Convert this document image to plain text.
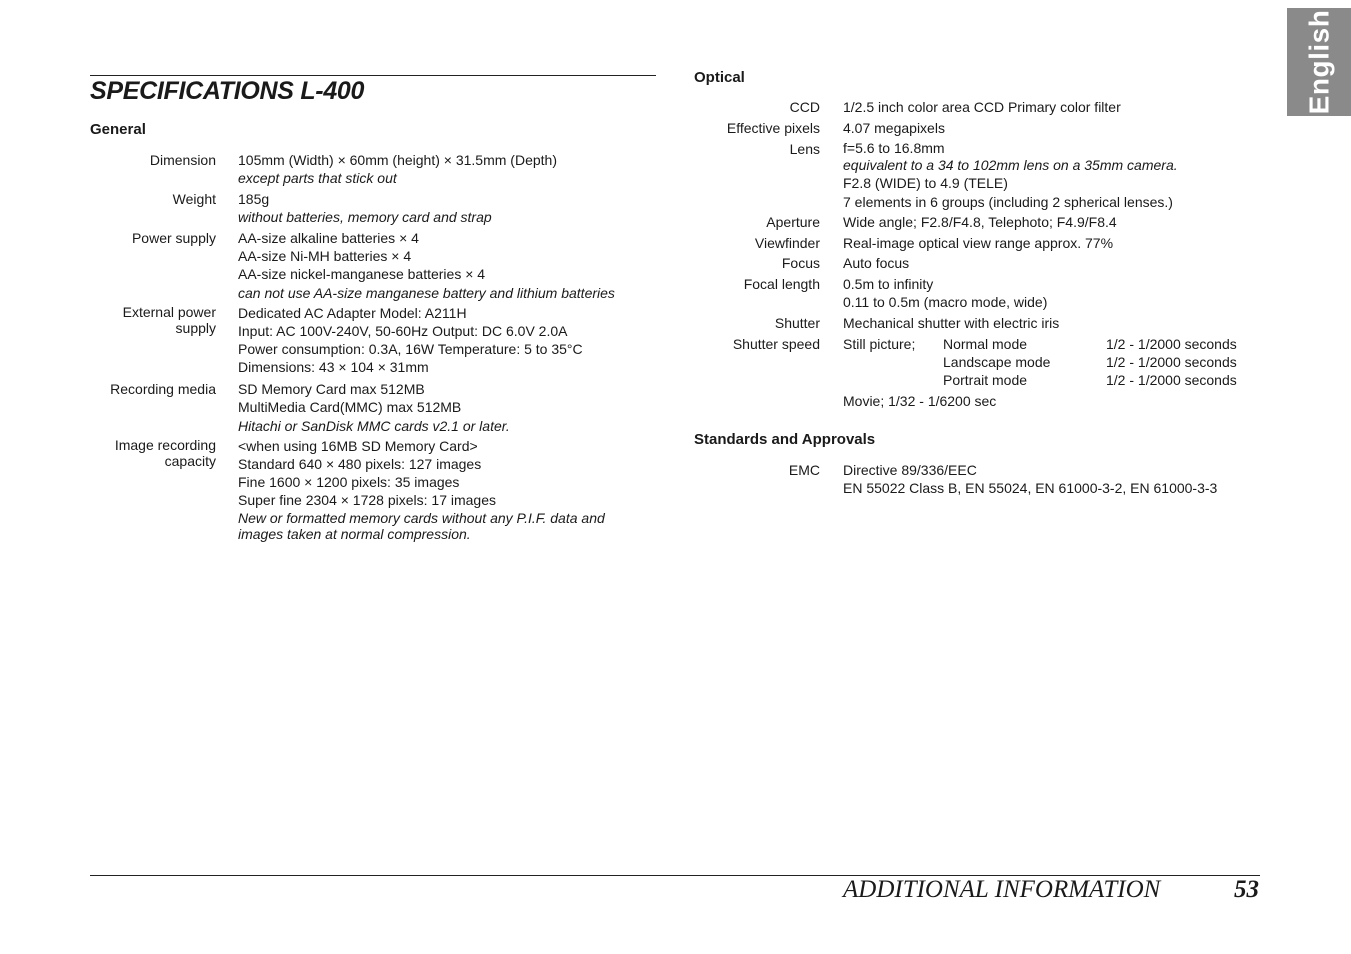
English
SPECIFICATIONS L-400
General
Dimension 105mm (Width) × 60mm (height) × 31.5mm (Depth)
except parts that stick out
Weight 185g
without batteries, memory card and strap
Power supply AA-size alkaline batteries × 4
AA-size Ni-MH batteries × 4
AA-size nickel-manganese batteries × 4
can not use AA-size manganese battery and lithium batteries
External power supply
Dedicated AC Adapter Model: A211H
Input: AC 100V-240V, 50-60Hz Output: DC 6.0V 2.0A
Power consumption: 0.3A, 16W Temperature: 5 to 35°C
Dimensions: 43 × 104 × 31mm
Recording media SD Memory Card max 512MB
MultiMedia Card(MMC) max 512MB
Hitachi or SanDisk MMC cards v2.1 or later.
Image recording capacity
<when using 16MB SD Memory Card>
Standard 640 × 480 pixels: 127 images
Fine 1600 × 1200 pixels: 35 images
Super fine 2304 × 1728 pixels: 17 images
New or formatted memory cards without any P.I.F. data and
images taken at normal compression.
Optical
CCD 1/2.5 inch color area CCD Primary color filter
Effective pixels 4.07 megapixels
Lens f=5.6 to 16.8mm
equivalent to a 34 to 102mm lens on a 35mm camera.
F2.8 (WIDE) to 4.9 (TELE)
7 elements in 6 groups (including 2 spherical lenses.)
Aperture Wide angle; F2.8/F4.8, Telephoto; F4.9/F8.4
Viewfinder Real-image optical view range approx. 77%
Focus Auto focus
Focal length 0.5m to infinity
0.11 to 0.5m (macro mode, wide)
Shutter Mechanical shutter with electric iris
Shutter speed Still picture; Normal mode
Landscape mode
Portrait mode
1/2 - 1/2000 seconds
1/2 - 1/2000 seconds
1/2 - 1/2000 seconds
Movie; 1/32 - 1/6200 sec
Standards and Approvals
EMC Directive 89/336/EEC
EN 55022 Class B, EN 55024, EN 61000-3-2, EN 61000-3-3
ADDITIONAL INFORMATION	53
